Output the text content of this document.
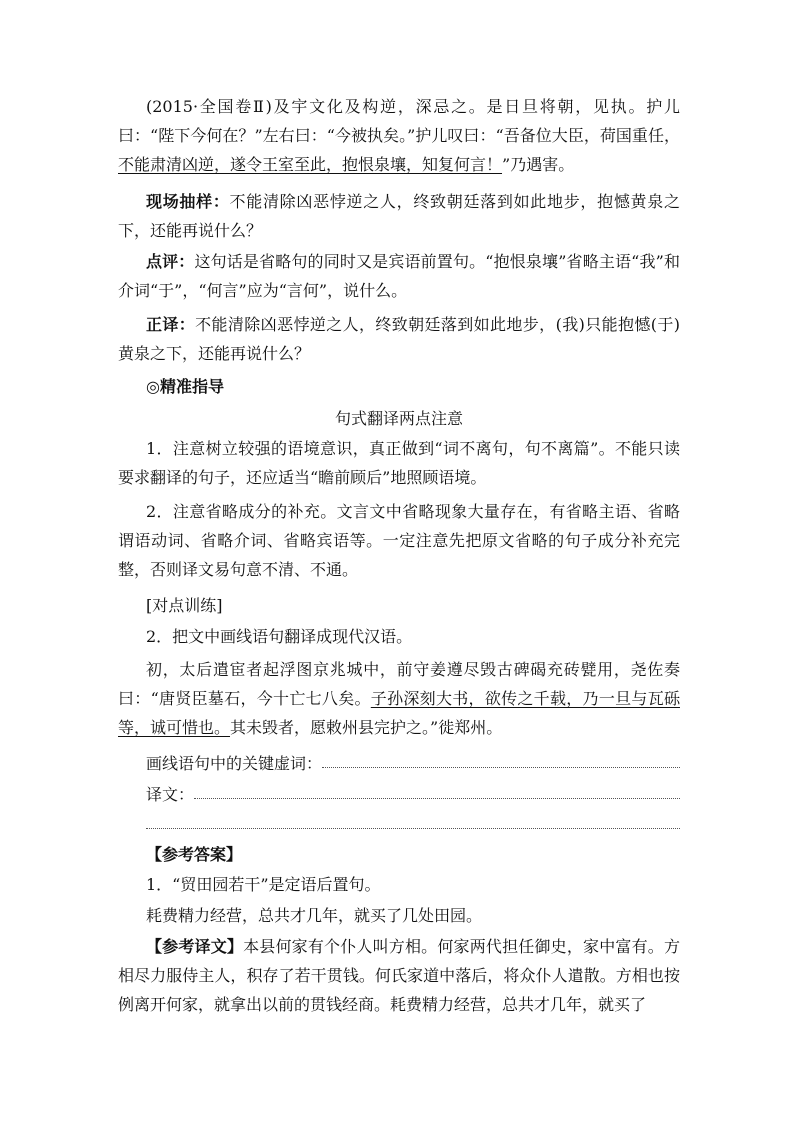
(2015·全国卷Ⅱ)及宇文化及构逆，深忌之。是日旦将朝，见执。护儿曰：“陛下今何在？”左右曰：“今被执矣。”护儿叹曰：“吾备位大臣，荷国重任，不能肃清凶逆，遂令王室至此，抱恨泉壤，知复何言！”乃遇害。

现场抽样：不能清除凶恶悖逆之人，终致朝廷落到如此地步，抱憾黄泉之下，还能再说什么？

点评：这句话是省略句的同时又是宾语前置句。“抱恨泉壤”省略主语“我”和介词“于”，“何言”应为“言何”，说什么。

正译：不能清除凶恶悖逆之人，终致朝廷落到如此地步，(我)只能抱憾(于)黄泉之下，还能再说什么？

◎精准指导

句式翻译两点注意

1．注意树立较强的语境意识，真正做到“词不离句，句不离篇”。不能只读要求翻译的句子，还应适当“瞻前顾后”地照顾语境。

2．注意省略成分的补充。文言文中省略现象大量存在，有省略主语、省略谓语动词、省略介词、省略宾语等。一定注意先把原文省略的句子成分补充完整，否则译文易句意不清、不通。

[对点训练]

2．把文中画线语句翻译成现代汉语。

初，太后遣宦者起浮图京兆城中，前守姜遵尽毁古碑碣充砖甓用，尧佐奏曰：“唐贤臣墓石，今十亡七八矣。子孙深刻大书，欲传之千载，乃一旦与瓦砾等，诚可惜也。其未毁者，愿敕州县完护之。”徙郑州。

画线语句中的关键虚词：
译文：

【参考答案】

1．“贸田园若干”是定语后置句。

耗费精力经营，总共才几年，就买了几处田园。

【参考译文】本县何家有个仆人叫方相。何家两代担任御史，家中富有。方相尽力服侍主人，积存了若干贯钱。何氏家道中落后，将众仆人遣散。方相也按例离开何家，就拿出以前的贯钱经商。耗费精力经营，总共才几年，就买了
